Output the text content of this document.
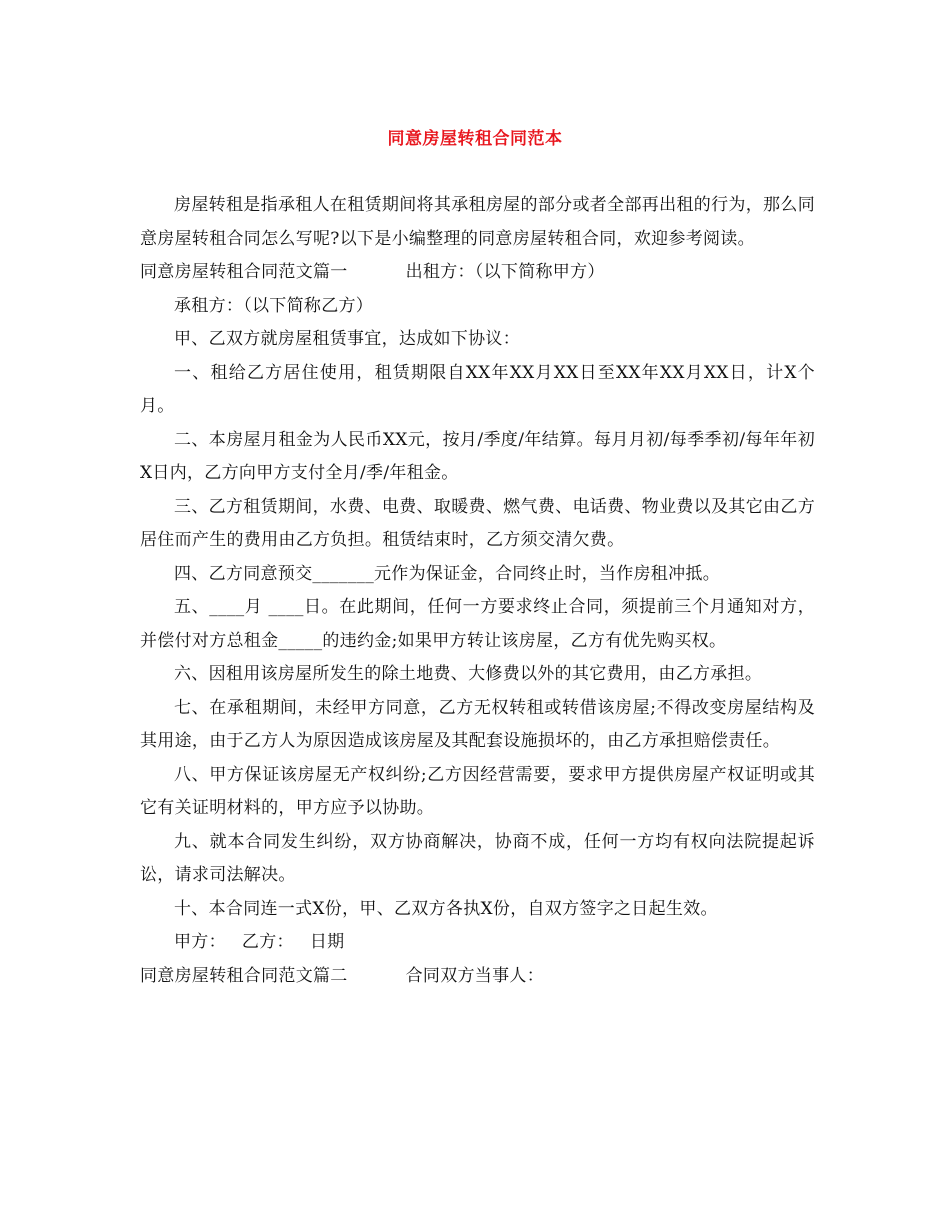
同意房屋转租合同范本

房屋转租是指承租人在租赁期间将其承租房屋的部分或者全部再出租的行为，那么同意房屋转租合同怎么写呢?以下是小编整理的同意房屋转租合同，欢迎参考阅读。

同意房屋转租合同范文篇一	出租方：（以下简称甲方）

承租方：（以下简称乙方）

甲、乙双方就房屋租赁事宜，达成如下协议：

一、租给乙方居住使用，租赁期限自XX年XX月XX日至XX年XX月XX日，计X个月。

二、本房屋月租金为人民币XX元，按月/季度/年结算。每月月初/每季季初/每年年初X日内，乙方向甲方支付全月/季/年租金。

三、乙方租赁期间，水费、电费、取暖费、燃气费、电话费、物业费以及其它由乙方居住而产生的费用由乙方负担。租赁结束时，乙方须交清欠费。

四、乙方同意预交_______元作为保证金，合同终止时，当作房租冲抵。

五、____月 ____日。在此期间，任何一方要求终止合同，须提前三个月通知对方，并偿付对方总租金_____的违约金;如果甲方转让该房屋，乙方有优先购买权。

六、因租用该房屋所发生的除土地费、大修费以外的其它费用，由乙方承担。

七、在承租期间，未经甲方同意，乙方无权转租或转借该房屋;不得改变房屋结构及其用途，由于乙方人为原因造成该房屋及其配套设施损坏的，由乙方承担赔偿责任。

八、甲方保证该房屋无产权纠纷;乙方因经营需要，要求甲方提供房屋产权证明或其它有关证明材料的，甲方应予以协助。

九、就本合同发生纠纷，双方协商解决，协商不成，任何一方均有权向法院提起诉讼，请求司法解决。

十、本合同连一式X份，甲、乙双方各执X份，自双方签字之日起生效。

甲方： 乙方： 日期

同意房屋转租合同范文篇二	合同双方当事人：
